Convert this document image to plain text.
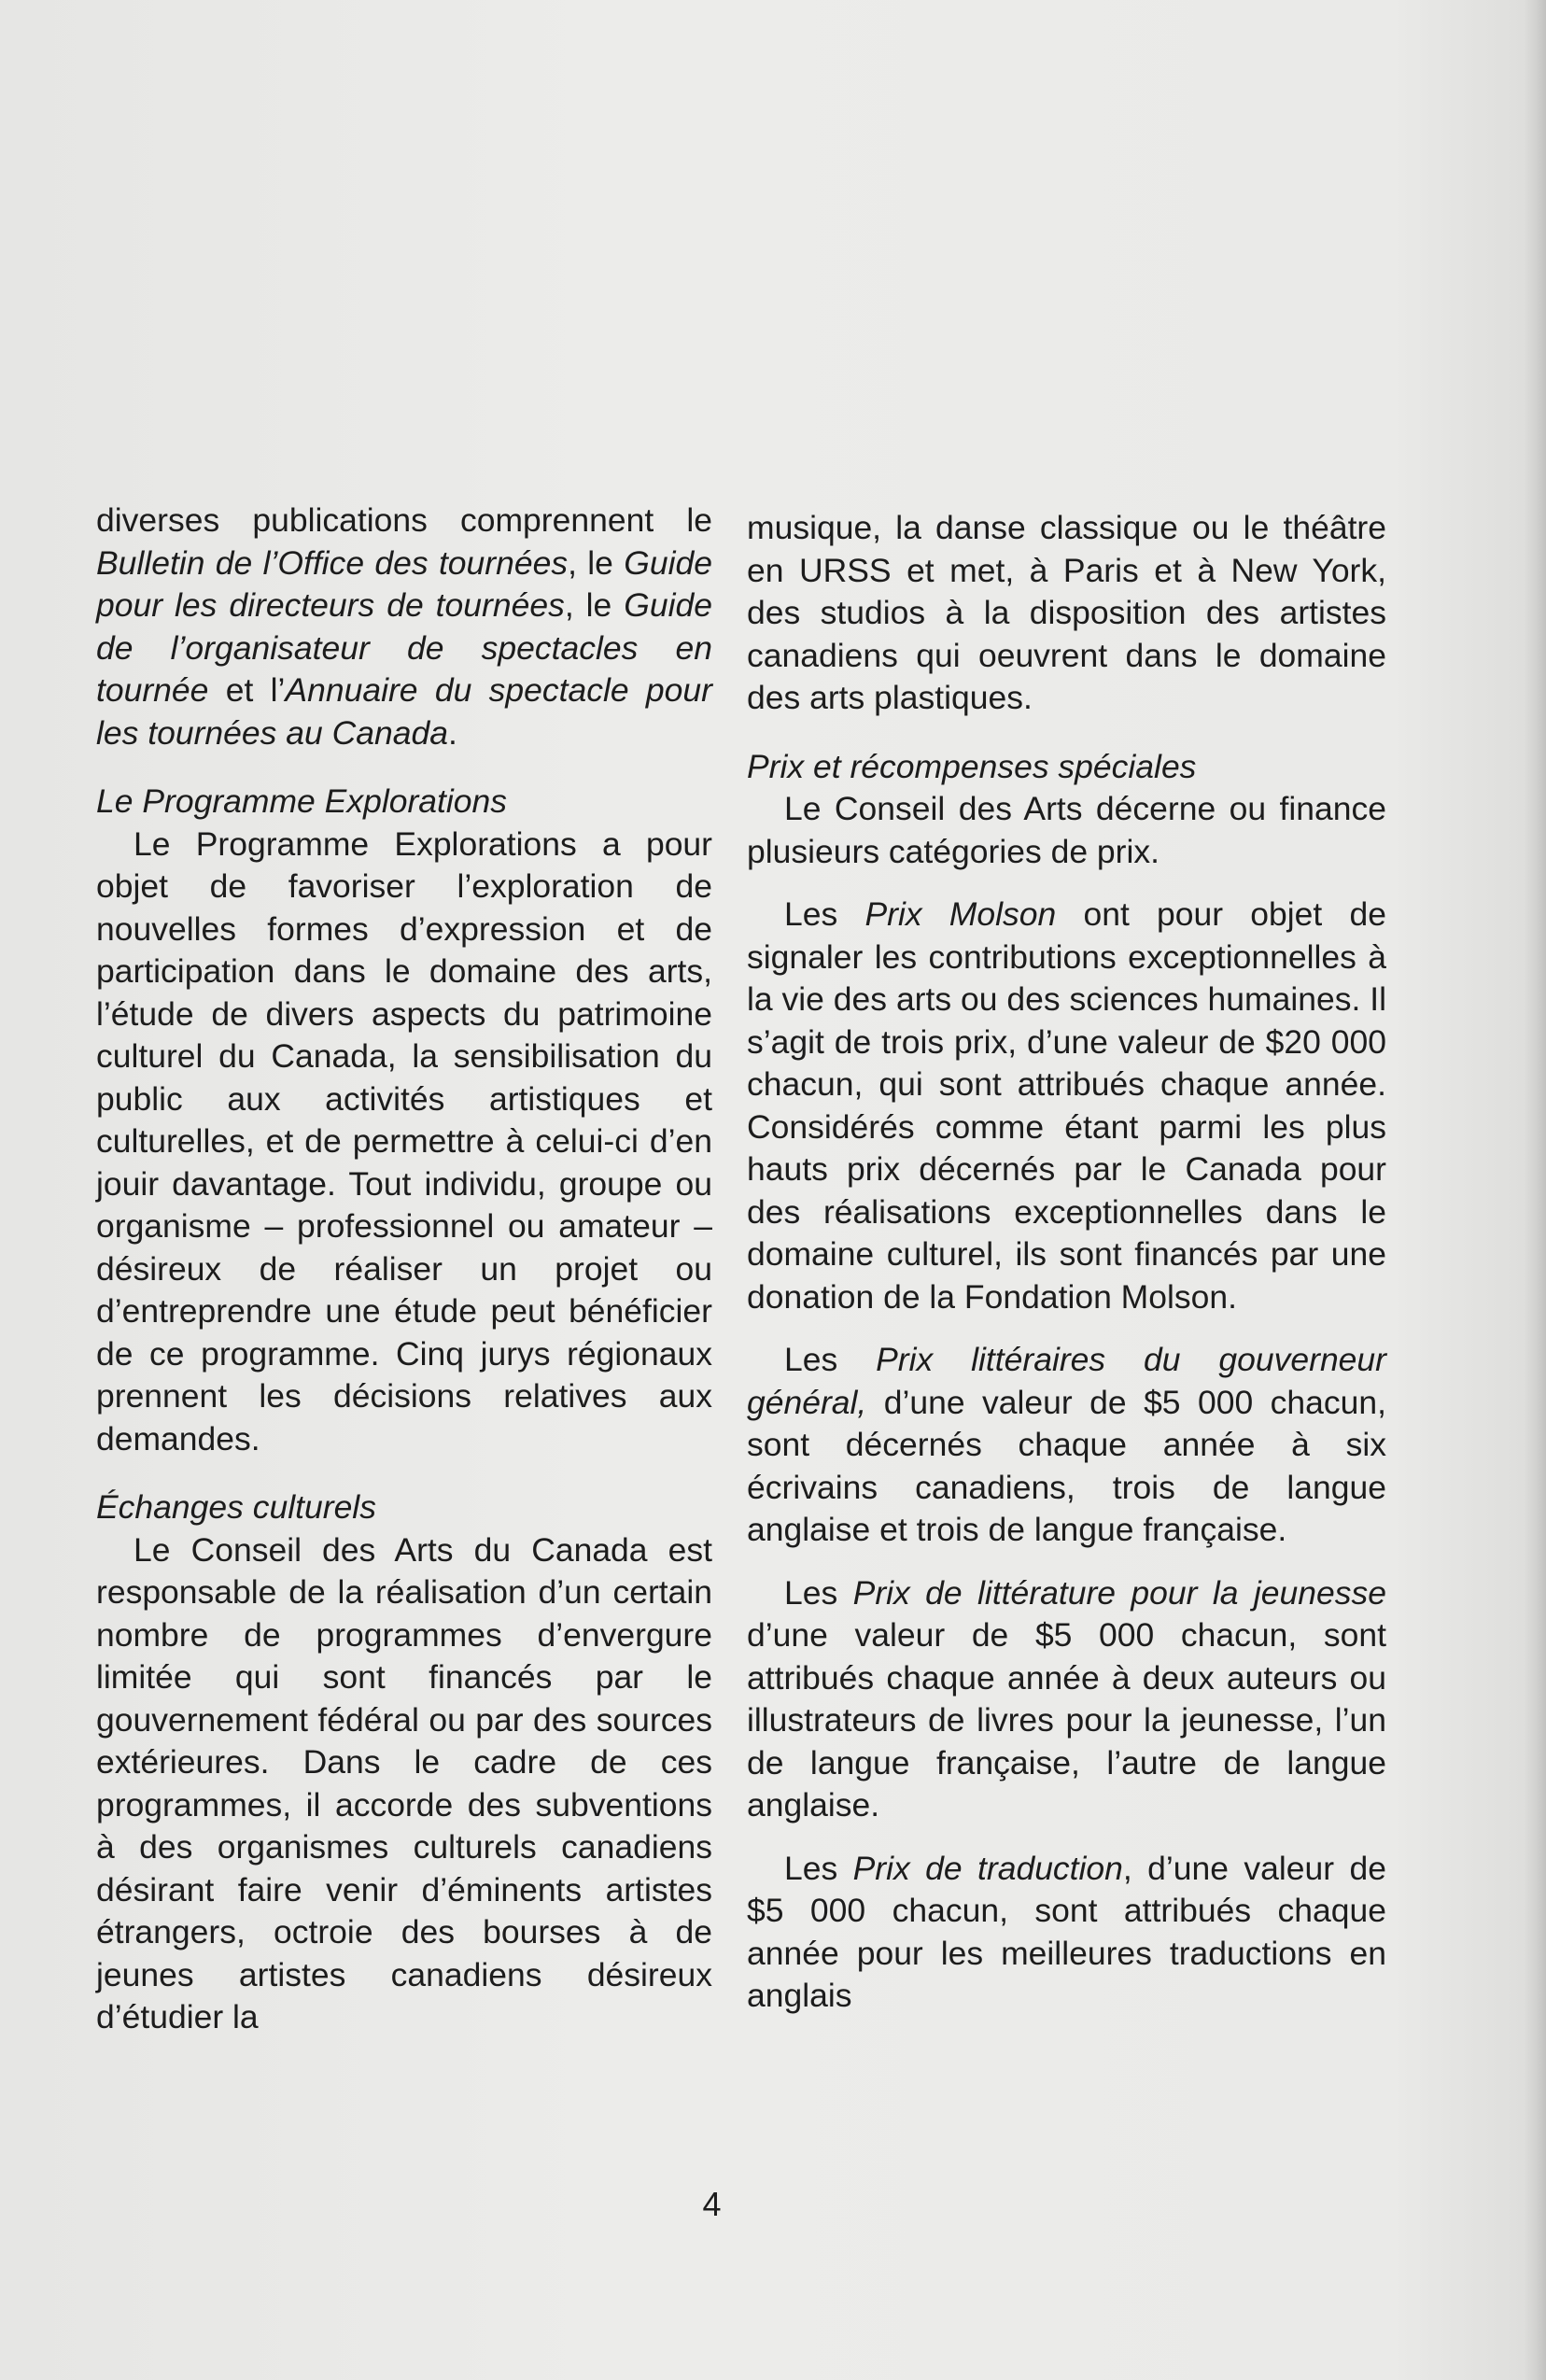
diverses publications comprennent le Bulletin de l’Office des tournées, le Guide pour les directeurs de tournées, le Guide de l’organisateur de spectacles en tournée et l’Annuaire du spectacle pour les tournées au Canada.

Le Programme Explorations

Le Programme Explorations a pour objet de favoriser l’exploration de nouvelles formes d’expression et de participation dans le domaine des arts, l’étude de divers aspects du patrimoine culturel du Canada, la sensibilisation du public aux activités artistiques et culturelles, et de permettre à celui-ci d’en jouir davantage. Tout individu, groupe ou organisme – professionnel ou amateur – désireux de réaliser un projet ou d’entreprendre une étude peut bénéficier de ce programme. Cinq jurys régionaux prennent les décisions relatives aux demandes.

Échanges culturels

Le Conseil des Arts du Canada est responsable de la réalisation d’un certain nombre de programmes d’envergure limitée qui sont financés par le gouvernement fédéral ou par des sources extérieures. Dans le cadre de ces programmes, il accorde des subventions à des organismes culturels canadiens désirant faire venir d’éminents artistes étrangers, octroie des bourses à de jeunes artistes canadiens désireux d’étudier la

musique, la danse classique ou le théâtre en URSS et met, à Paris et à New York, des studios à la disposition des artistes canadiens qui oeuvrent dans le domaine des arts plastiques.

Prix et récompenses spéciales

Le Conseil des Arts décerne ou finance plusieurs catégories de prix.

Les Prix Molson ont pour objet de signaler les contributions exceptionnelles à la vie des arts ou des sciences humaines. Il s’agit de trois prix, d’une valeur de $20 000 chacun, qui sont attribués chaque année. Considérés comme étant parmi les plus hauts prix décernés par le Canada pour des réalisations exceptionnelles dans le domaine culturel, ils sont financés par une donation de la Fondation Molson.

Les Prix littéraires du gouverneur général, d’une valeur de $5 000 chacun, sont décernés chaque année à six écrivains canadiens, trois de langue anglaise et trois de langue française.

Les Prix de littérature pour la jeunesse d’une valeur de $5 000 chacun, sont attribués chaque année à deux auteurs ou illustrateurs de livres pour la jeunesse, l’un de langue française, l’autre de langue anglaise.

Les Prix de traduction, d’une valeur de $5 000 chacun, sont attribués chaque année pour les meilleures traductions en anglais

4
